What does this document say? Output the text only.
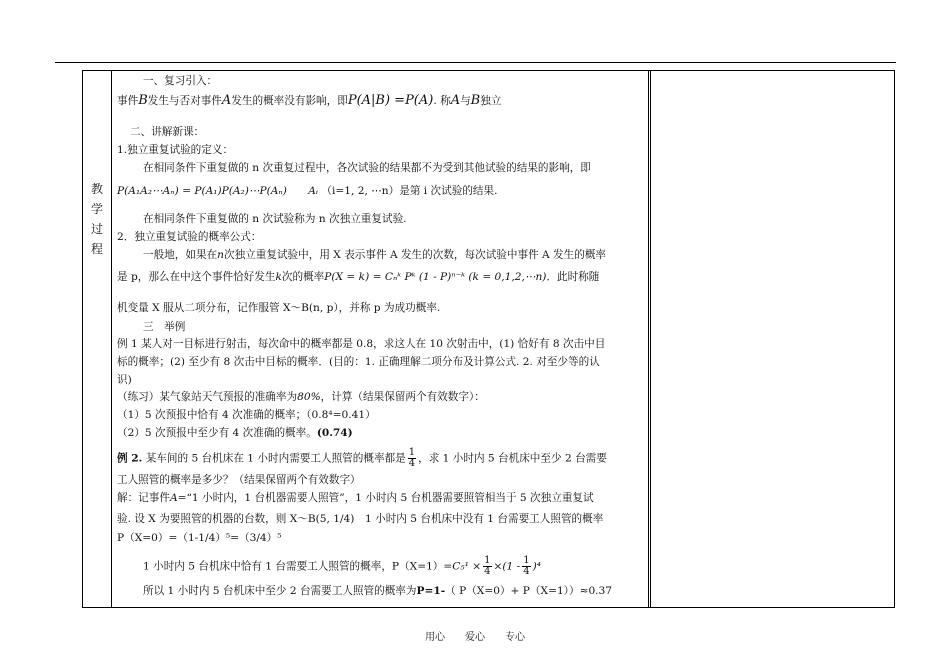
教
学
过
程
一、复习引入：
事件B发生与否对事件A发生的概率没有影响，即P(A|B) =P(A). 称A与B独立
二、讲解新课：
1.独立重复试验的定义：
在相同条件下重复做的 n 次重复过程中，各次试验的结果都不为受到其他试验的结果的影响，即
P(A₁A₂⋯Aₙ) = P(A₁)P(A₂)⋯P(Aₙ) Aᵢ （i=1, 2, ⋯n）是第 i 次试验的结果.
在相同条件下重复做的 n 次试验称为 n 次独立重复试验.
2．独立重复试验的概率公式：
一般地，如果在n次独立重复试验中，用 X 表示事件 A 发生的次数，每次试验中事件 A 发生的概率
是 p，那么在中这个事件恰好发生k次的概率P(X = k) = Cₙᵏ Pᵏ (1 - P)ⁿ⁻ᵏ (k = 0,1,2,⋯n)．此时称随
机变量 X 服从二项分布，记作服管 X～B(n, p），并称 p 为成功概率.
三　举例
例 1 某人对一目标进行射击，每次命中的概率都是 0.8，求这人在 10 次射击中，(1) 恰好有 8 次击中目
标的概率；(2) 至少有 8 次击中目标的概率．(目的：1. 正确理解二项分布及计算公式. 2. 对至少等的认
识)
（练习）某气象站天气预报的准确率为80%，计算（结果保留两个有效数字）：
（1）5 次预报中恰有 4 次准确的概率；（0.8⁴=0.41）
（2）5 次预报中至少有 4 次准确的概率。(0.74)
例 2. 某车间的 5 台机床在 1 小时内需要工人照管的概率都是 $\frac{1}{4}$ ，求 1 小时内 5 台机床中至少 2 台需要
工人照管的概率是多少？（结果保留两个有效数字）
解：记事件A=“1 小时内，1 台机器需要人照管”，1 小时内 5 台机器需要照管相当于 5 次独立重复试
验. 设 X 为要照管的机器的台数，则 X～B(5, 1/4)　1 小时内 5 台机床中没有 1 台需要工人照管的概率
P（X=0）=（1-1/4）⁵=（3/4）⁵
1 小时内 5 台机床中恰有 1 台需要工人照管的概率，$P(X=1)=C_5^1 \times \frac{1}{4} \times(1 - \frac{1}{4} )^4$
所以 1 小时内 5 台机床中至少 2 台需要工人照管的概率为P=1-（ P（X=0）+ P（X=1））≈0.37
用心　　爱心　　专心
